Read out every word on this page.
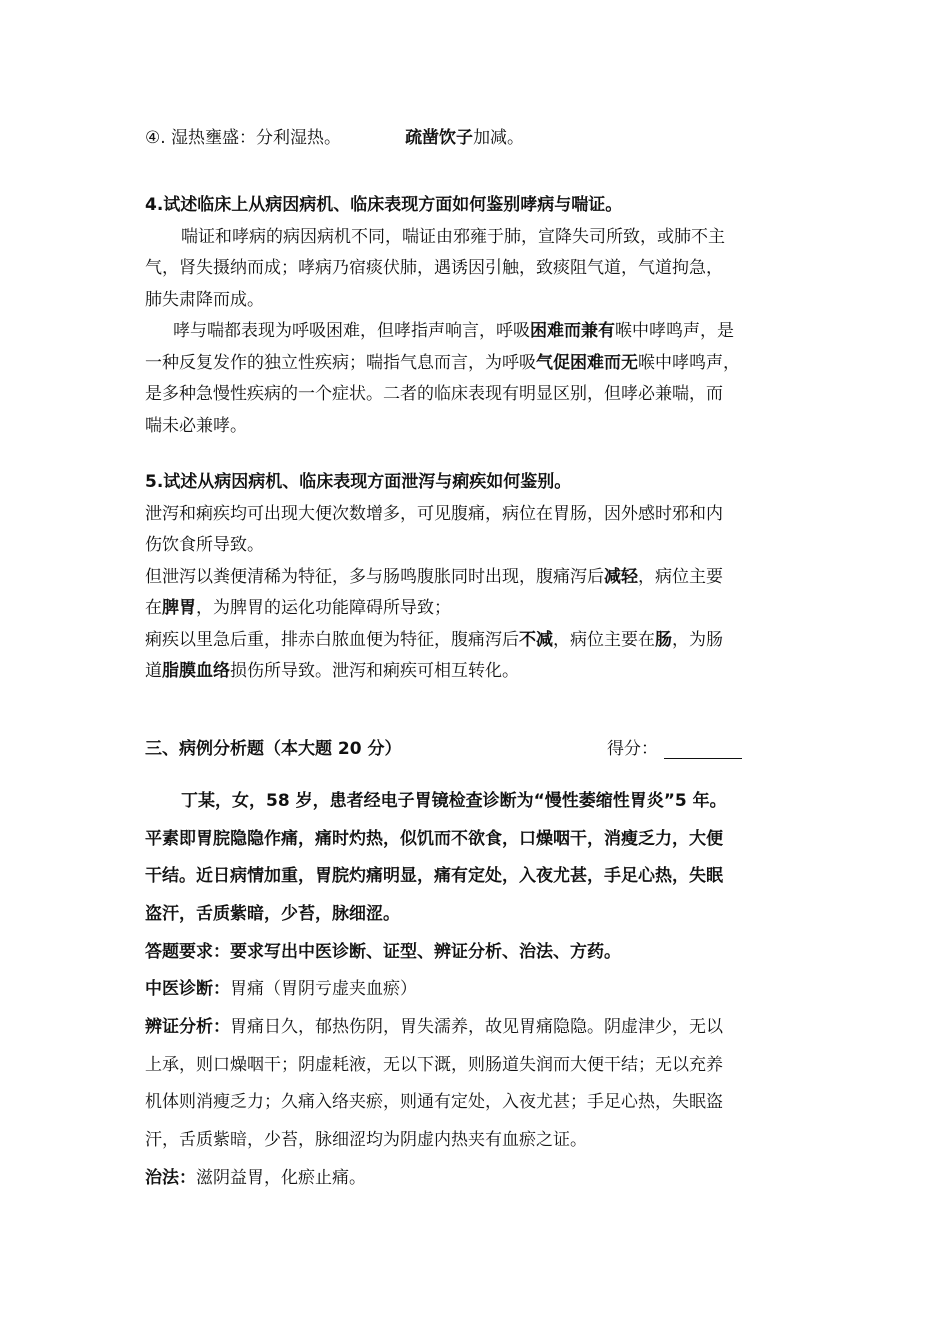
④. 湿热壅盛：分利湿热。	疏凿饮子加减。
4.试述临床上从病因病机、临床表现方面如何鉴别哮病与喘证。
喘证和哮病的病因病机不同，喘证由邪雍于肺，宣降失司所致，或肺不主
气，肾失摄纳而成；哮病乃宿痰伏肺，遇诱因引触，致痰阻气道，气道拘急，
肺失肃降而成。
哮与喘都表现为呼吸困难，但哮指声响言，呼吸困难而兼有喉中哮鸣声，是
一种反复发作的独立性疾病；喘指气息而言，为呼吸气促困难而无喉中哮鸣声，
是多种急慢性疾病的一个症状。二者的临床表现有明显区别，但哮必兼喘，而
喘未必兼哮。
5.试述从病因病机、临床表现方面泄泻与痢疾如何鉴别。
泄泻和痢疾均可出现大便次数增多，可见腹痛，病位在胃肠，因外感时邪和内
伤饮食所导致。
但泄泻以粪便清稀为特征，多与肠鸣腹胀同时出现，腹痛泻后减轻，病位主要
在脾胃，为脾胃的运化功能障碍所导致；
痢疾以里急后重，排赤白脓血便为特征，腹痛泻后不减，病位主要在肠，为肠
道脂膜血络损伤所导致。泄泻和痢疾可相互转化。
三、病例分析题（本大题 20 分）	得分：
丁某，女，58 岁，患者经电子胃镜检查诊断为“慢性萎缩性胃炎”5 年。
平素即胃脘隐隐作痛，痛时灼热，似饥而不欲食，口燥咽干，消瘦乏力，大便
干结。近日病情加重，胃脘灼痛明显，痛有定处，入夜尤甚，手足心热，失眠
盗汗，舌质紫暗，少苔，脉细涩。
答题要求：要求写出中医诊断、证型、辨证分析、治法、方药。
中医诊断：胃痛（胃阴亏虚夹血瘀）
辨证分析：胃痛日久，郁热伤阴，胃失濡养，故见胃痛隐隐。阴虚津少，无以
上承，则口燥咽干；阴虚耗液，无以下溉，则肠道失润而大便干结；无以充养
机体则消瘦乏力；久痛入络夹瘀，则通有定处，入夜尤甚；手足心热，失眠盗
汗，舌质紫暗，少苔，脉细涩均为阴虚内热夹有血瘀之证。
治法：滋阴益胃，化瘀止痛。
